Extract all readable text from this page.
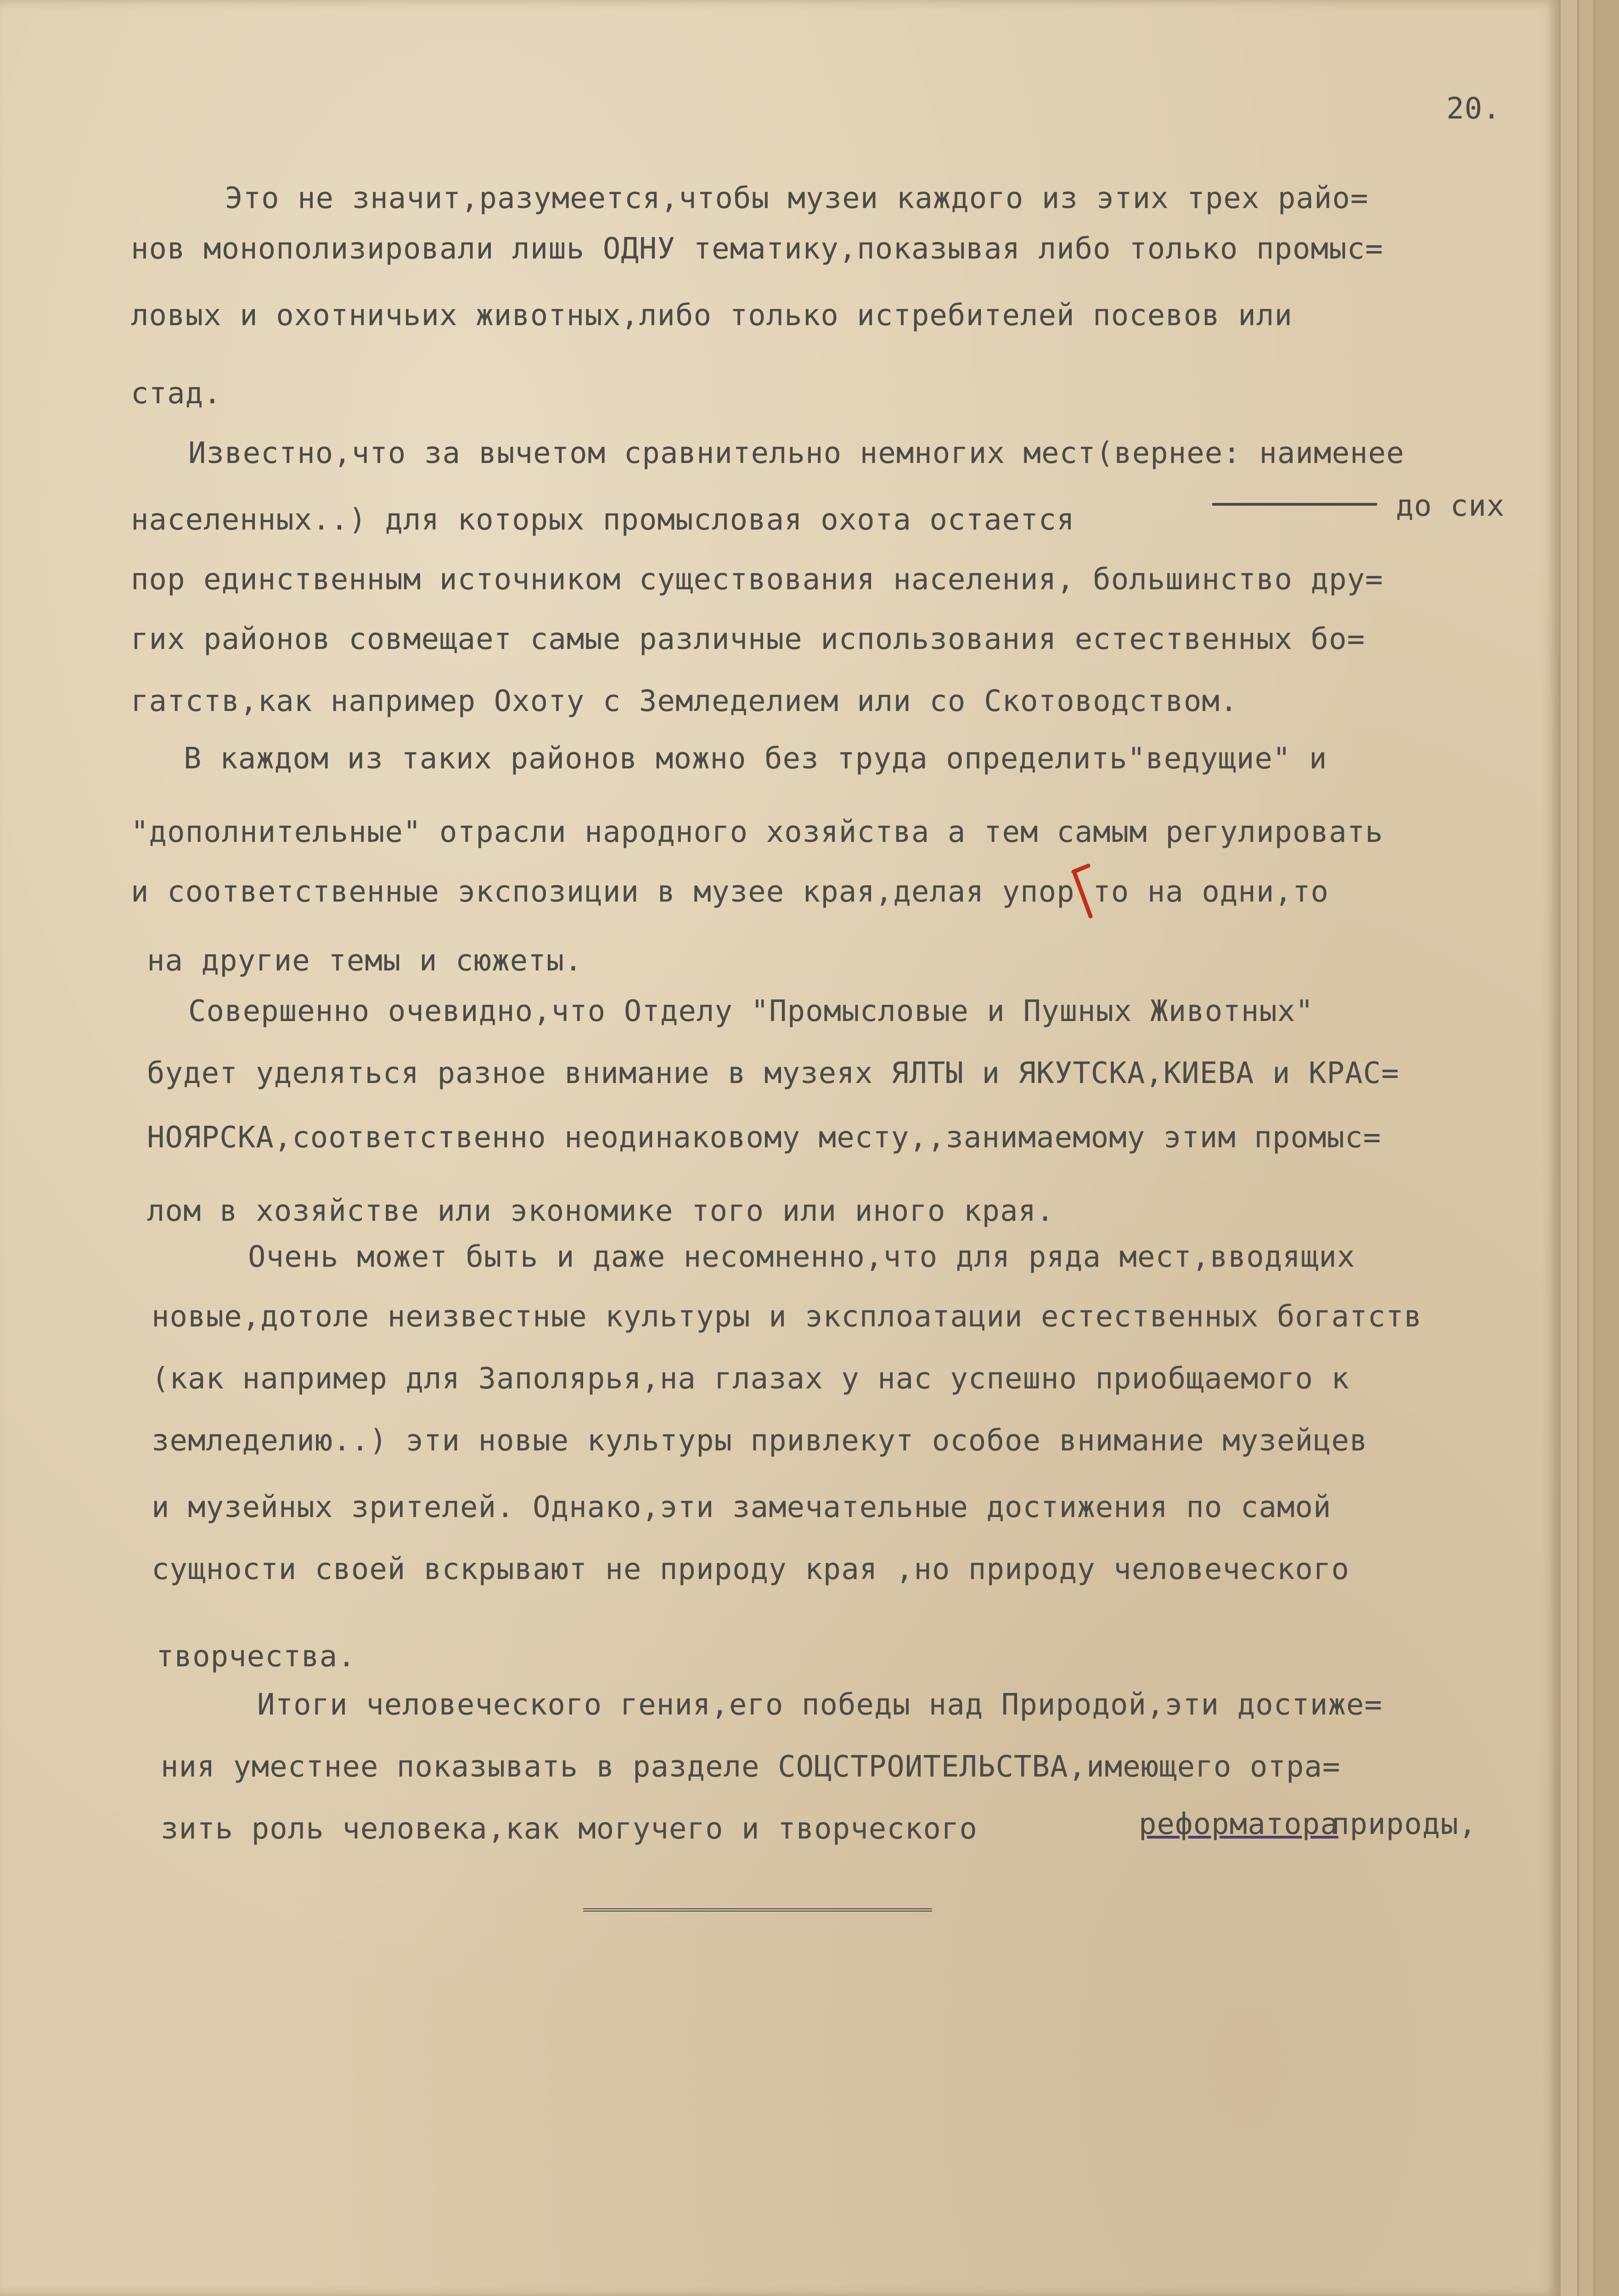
20.
Это не значит,разумеется,чтобы музеи каждого из этих трех райо=
нов монополизировали лишь ОДНУ тематику,показывая либо только промыс=
ловых и охотничьих животных,либо только истребителей посевов или
стад.
Известно,что за вычетом сравнительно немногих мест(вернее: наименее
населенных..) для которых промысловая охота остается
	до сих
пор единственным источником существования населения, большинство дру=
гих районов совмещает самые различные использования естественных бо=
гатств,как например Охоту с Земледелием или со Скотоводством.
В каждом из таких районов можно без труда определить"ведущие" и
"дополнительные" отрасли народного хозяйства а тем самым регулировать
и соответственные экспозиции в музее края,делая упор то на одни,то
на другие темы и сюжеты.
Совершенно очевидно,что Отделу "Промысловые и Пушных Животных"
будет уделяться разное внимание в музеях ЯЛТЫ и ЯКУТСКА,КИЕВА и КРАС=
НОЯРСКА,соответственно неодинаковому месту,,занимаемому этим промыс=
лом в хозяйстве или экономике того или иного края.
Очень может быть и даже несомненно,что для ряда мест,вводящих
новые,дотоле неизвестные культуры и эксплоатации естественных богатств
(как например для Заполярья,на глазах у нас успешно приобщаемого к
земледелию..) эти новые культуры привлекут особое внимание музейцев
и музейных зрителей. Однако,эти замечательные достижения по самой
сущности своей вскрывают не природу края ,но природу человеческого
творчества.
Итоги человеческого гения,его победы над Природой,эти достиже=
ния уместнее показывать в разделе СОЦСТРОИТЕЛЬСТВА,имеющего отра=
зить роль человека,как могучего и творческого	реформатора
природы,
